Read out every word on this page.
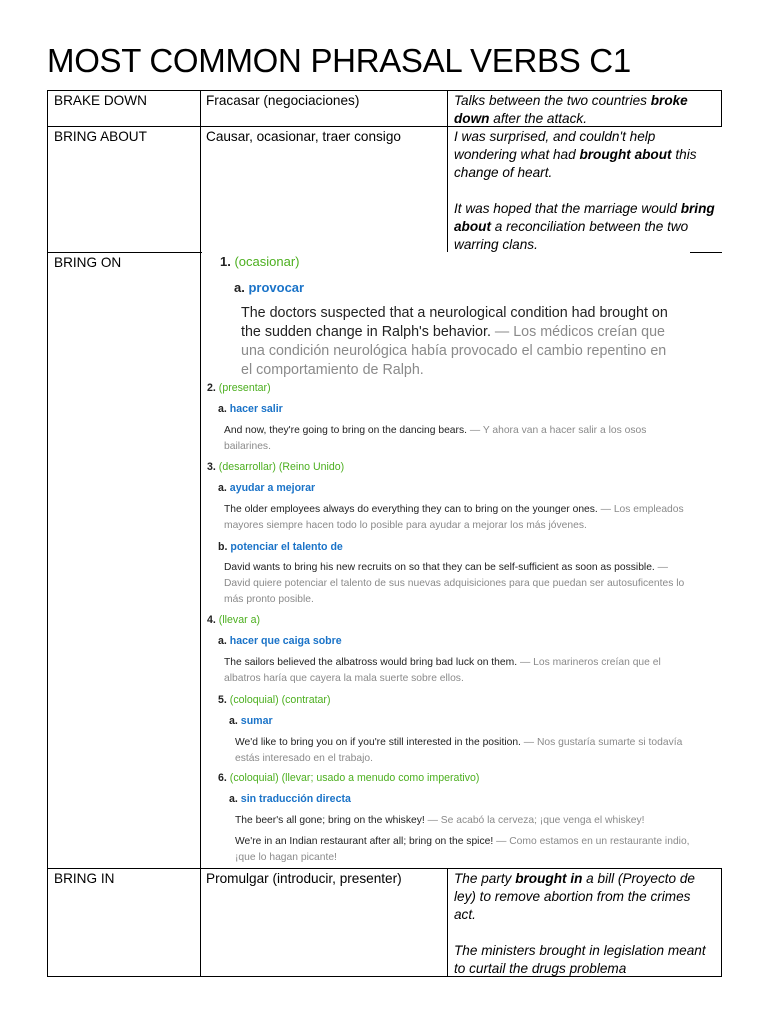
MOST COMMON PHRASAL VERBS C1
BRAKE DOWN	Fracasar (negociaciones)	Talks between the two countries broke down after the attack.

BRING ABOUT	Causar, ocasionar, traer consigo	I was surprised, and couldn't help wondering what had brought about this change of heart.

It was hoped that the marriage would bring about a reconciliation between the two warring clans.

BRING ON	1. (ocasionar)
a. provocar
The doctors suspected that a neurological condition had brought on the sudden change in Ralph's behavior. — Los médicos creían que una condición neurológica había provocado el cambio repentino en el comportamiento de Ralph.
2. (presentar)
a. hacer salir
And now, they're going to bring on the dancing bears. — Y ahora van a hacer salir a los osos bailarines.
3. (desarrollar) (Reino Unido)
a. ayudar a mejorar
The older employees always do everything they can to bring on the younger ones. — Los empleados mayores siempre hacen todo lo posible para ayudar a mejorar los más jóvenes.
b. potenciar el talento de
David wants to bring his new recruits on so that they can be self-sufficient as soon as possible. — David quiere potenciar el talento de sus nuevas adquisiciones para que puedan ser autosuficentes lo más pronto posible.
4. (llevar a)
a. hacer que caiga sobre
The sailors believed the albatross would bring bad luck on them. — Los marineros creían que el albatros haría que cayera la mala suerte sobre ellos.
5. (coloquial) (contratar)
a. sumar
We'd like to bring you on if you're still interested in the position. — Nos gustaría sumarte si todavía estás interesado en el trabajo.
6. (coloquial) (llevar; usado a menudo como imperativo)
a. sin traducción directa
The beer's all gone; bring on the whiskey! — Se acabó la cerveza; ¡que venga el whiskey!
We're in an Indian restaurant after all; bring on the spice! — Como estamos en un restaurante indio, ¡que lo hagan picante!
BRING IN	Promulgar (introducir, presenter)	The party brought in a bill (Proyecto de ley) to remove abortion from the crimes act.

The ministers brought in legislation meant to curtail the drugs problema
